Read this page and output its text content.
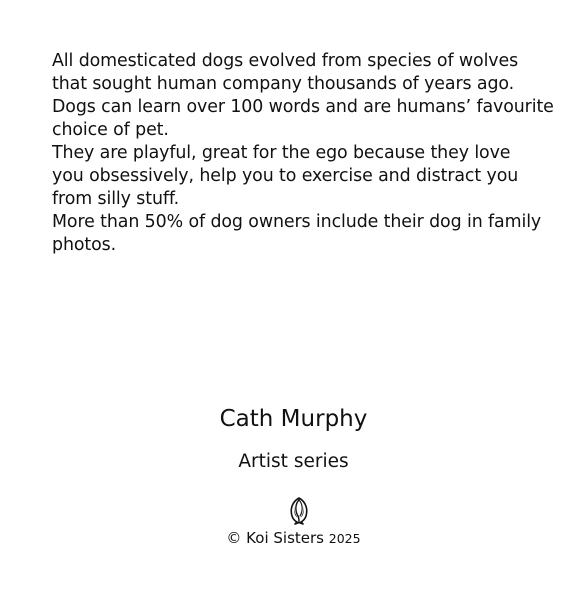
All domesticated dogs evolved from species of wolves
that sought human company thousands of years ago.
Dogs can learn over 100 words and are humans’ favourite
choice of pet.
They are playful, great for the ego because they love
you obsessively, help you to exercise and distract you
from silly stuff.
More than 50% of dog owners include their dog in family
photos.
Cath Murphy
Artist series
© Koi Sisters 2025
